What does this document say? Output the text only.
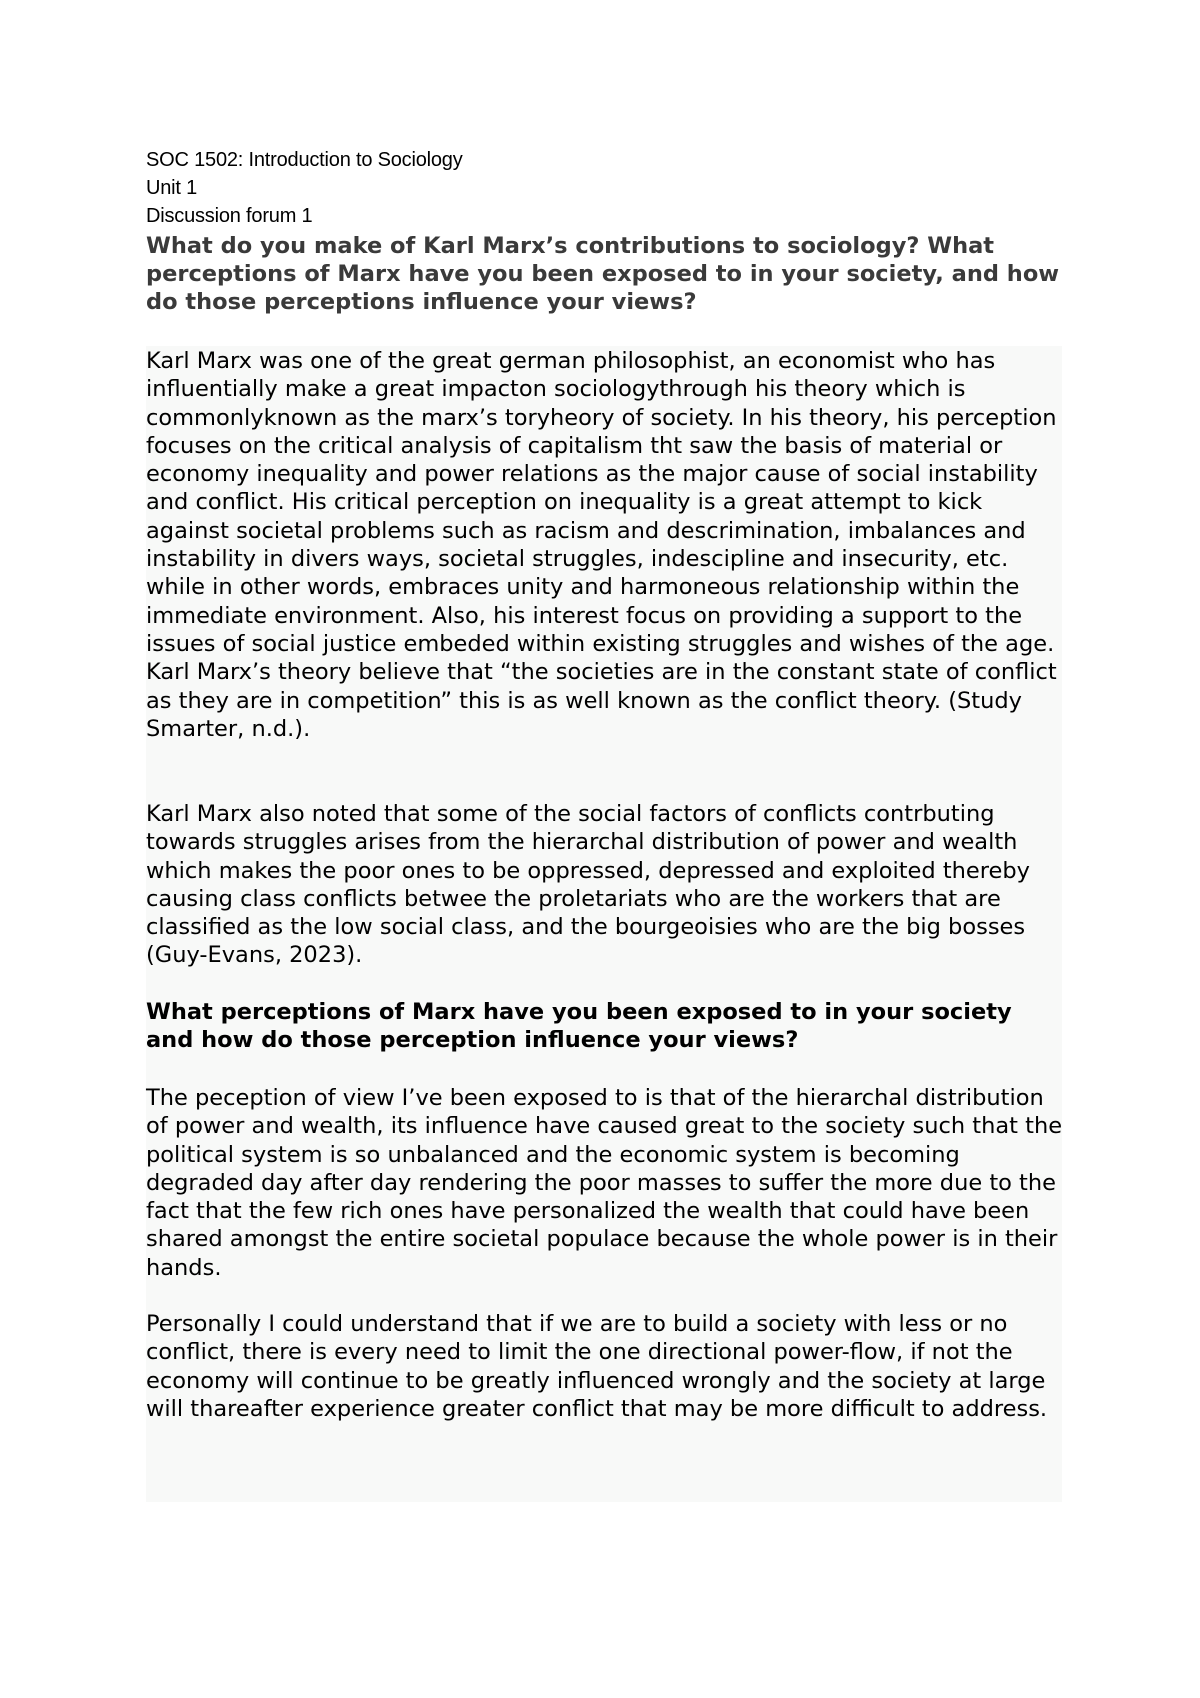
SOC 1502: Introduction to Sociology
Unit 1
Discussion forum 1

What do you make of Karl Marx’s contributions to sociology? What perceptions of Marx have you been exposed to in your society, and how do those perceptions influence your views?

Karl Marx was one of the great german philosophist, an economist who has influentially make a great impacton sociologythrough his theory which is commonlyknown as the marx’s toryheory of society. In his theory, his perception focuses on the critical analysis of capitalism tht saw the basis of material or economy inequality and power relations as the major cause of social instability and conflict. His critical perception on inequality is a great attempt to kick against societal problems such as racism and descrimination, imbalances and instability in divers ways, societal struggles, indescipline and insecurity, etc. while in other words, embraces unity and harmoneous relationship within the immediate environment. Also, his interest focus on providing a support to the issues of social justice embeded within existing struggles and wishes of the age. Karl Marx’s theory believe that “the societies are in the constant state of conflict as they are in competition” this is as well known as the conflict theory. (Study Smarter, n.d.).

Karl Marx also noted that some of the social factors of conflicts contrbuting towards struggles arises from the hierarchal distribution of power and wealth which makes the poor ones to be oppressed, depressed and exploited thereby causing class conflicts betwee the proletariats who are the workers that are classified as the low social class, and the bourgeoisies who are the big bosses (Guy-Evans, 2023).

What perceptions of Marx have you been exposed to in your society and how do those perception influence your views?

The peception of view I’ve been exposed to is that of the hierarchal distribution of power and wealth, its influence have caused great to the society such that the political system is so unbalanced and the economic system is becoming degraded day after day rendering the poor masses to suffer the more due to the fact that the few rich ones have personalized the wealth that could have been shared amongst the entire societal populace because the whole power is in their hands.

Personally I could understand that if we are to build a society with less or no conflict, there is every need to limit the one directional power-flow, if not the economy will continue to be greatly influenced wrongly and the society at large will thareafter experience greater conflict that may be more difficult to address.
